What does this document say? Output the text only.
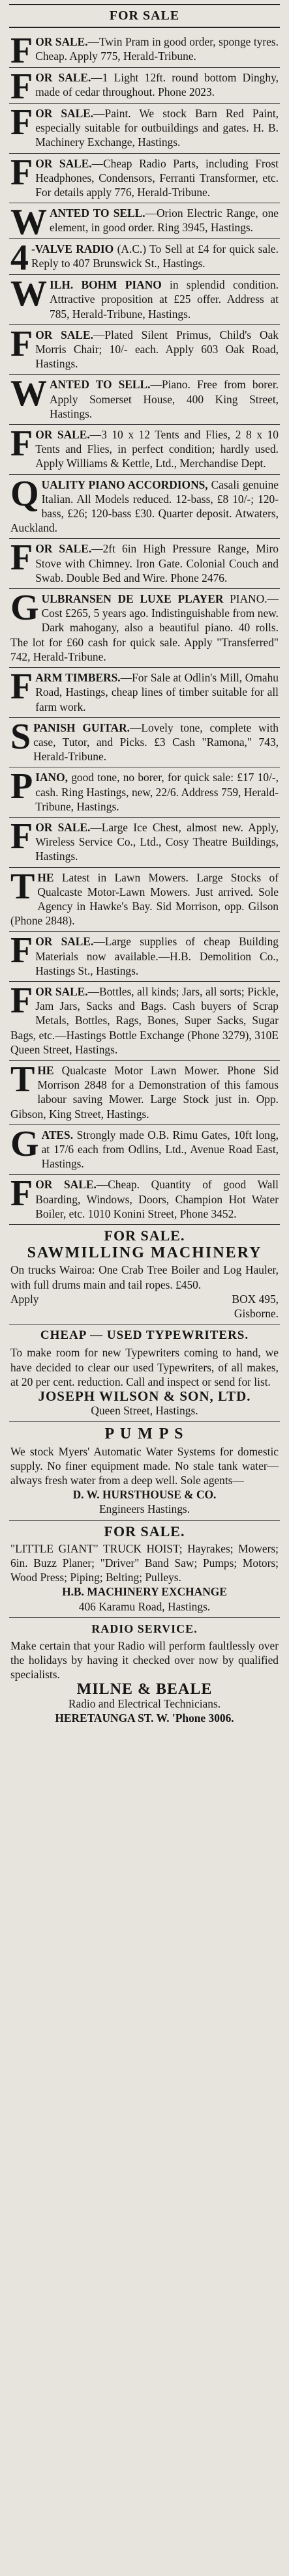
FOR SALE
FOR SALE.—Twin Pram in good order, sponge tyres. Cheap. Apply 775, Herald-Tribune.
FOR SALE.—1 Light 12ft. round bottom Dinghy, made of cedar throughout. Phone 2023.
FOR SALE.—Paint. We stock Barn Red Paint, especially suitable for outbuildings and gates. H. B. Machinery Exchange, Hastings.
FOR SALE.—Cheap Radio Parts, including Frost Headphones, Condensors, Ferranti Transformer, etc. For details apply 776, Herald-Tribune.
WANTED TO SELL.—Orion Electric Range, one element, in good order. Ring 3945, Hastings.
4 -VALVE RADIO (A.C.) To Sell at £4 for quick sale. Reply to 407 Brunswick St., Hastings.
WILH. BOHM PIANO in splendid condition. Attractive proposition at £25 offer. Address at 785, Herald-Tribune, Hastings.
FOR SALE.—Plated Silent Primus, Child's Oak Morris Chair; 10/- each. Apply 603 Oak Road, Hastings.
WANTED TO SELL.—Piano. Free from borer. Apply Somerset House, 400 King Street, Hastings.
FOR SALE.—3 10 x 12 Tents and Flies, 2 8 x 10 Tents and Flies, in perfect condition; hardly used. Apply Williams & Kettle, Ltd., Merchandise Dept.
QUALITY PIANO ACCORDIONS, Casali genuine Italian. All Models reduced. 12-bass, £8 10/-; 120-bass, £26; 120-bass £30. Quarter deposit. Atwaters, Auckland.
FOR SALE.—2ft 6in High Pressure Range, Miro Stove with Chimney. Iron Gate. Colonial Couch and Swab. Double Bed and Wire. Phone 2476.
GULBRANSEN DE LUXE PLAYER PIANO.—Cost £265, 5 years ago. Indistinguishable from new. Dark mahogany, also a beautiful piano. 40 rolls. The lot for £60 cash for quick sale. Apply "Transferred" 742, Herald-Tribune.
FARM TIMBERS.—For Sale at Odlin's Mill, Omahu Road, Hastings, cheap lines of timber suitable for all farm work.
SPANISH GUITAR.—Lovely tone, complete with case, Tutor, and Picks. £3 Cash "Ramona," 743, Herald-Tribune.
PIANO, good tone, no borer, for quick sale: £17 10/-, cash. Ring Hastings, new, 22/6. Address 759, Herald-Tribune, Hastings.
FOR SALE.—Large Ice Chest, almost new. Apply, Wireless Service Co., Ltd., Cosy Theatre Buildings, Hastings.
THE Latest in Lawn Mowers. Large Stocks of Qualcaste Motor-Lawn Mowers. Just arrived. Sole Agency in Hawke's Bay. Sid Morrison, opp. Gilson (Phone 2848).
FOR SALE.—Large supplies of cheap Building Materials now available.—H.B. Demolition Co., Hastings St., Hastings.
FOR SALE.—Bottles, all kinds; Jars, all sorts; Pickle, Jam Jars, Sacks and Bags. Cash buyers of Scrap Metals, Bottles, Rags, Bones, Super Sacks, Sugar Bags, etc.—Hastings Bottle Exchange (Phone 3279), 310E Queen Street, Hastings.
THE Qualcaste Motor Lawn Mower. Phone Sid Morrison 2848 for a Demonstration of this famous labour saving Mower. Large Stock just in. Opp. Gibson, King Street, Hastings.
GATES. Strongly made O.B. Rimu Gates, 10ft long, at 17/6 each from Odlins, Ltd., Avenue Road East, Hastings.
FOR SALE.—Cheap. Quantity of good Wall Boarding, Windows, Doors, Champion Hot Water Boiler, etc. 1010 Konini Street, Phone 3452.
FOR SALE.
SAWMILLING MACHINERY
On trucks Wairoa: One Crab Tree Boiler and Log Hauler, with full drums main and tail ropes. £450.
Apply	BOX 495,
Gisborne.
CHEAP — USED TYPEWRITERS.
To make room for new Typewriters coming to hand, we have decided to clear our used Typewriters, of all makes, at 20 per cent. reduction. Call and inspect or send for list.
JOSEPH WILSON & SON, LTD.
Queen Street, Hastings.
P U M P S
We stock Myers' Automatic Water Systems for domestic supply. No finer equipment made. No stale tank water—always fresh water from a deep well. Sole agents—
D. W. HURSTHOUSE & CO.
Engineers Hastings.
FOR SALE.
"LITTLE GIANT" TRUCK HOIST; Hayrakes; Mowers; 6in. Buzz Planer; "Driver" Band Saw; Pumps; Motors; Wood Press; Piping; Belting; Pulleys.
H.B. MACHINERY EXCHANGE
406 Karamu Road, Hastings.
RADIO SERVICE.
Make certain that your Radio will perform faultlessly over the holidays by having it checked over now by qualified specialists.
MILNE & BEALE
Radio and Electrical Technicians.
HERETAUNGA ST. W. 'Phone 3006.
